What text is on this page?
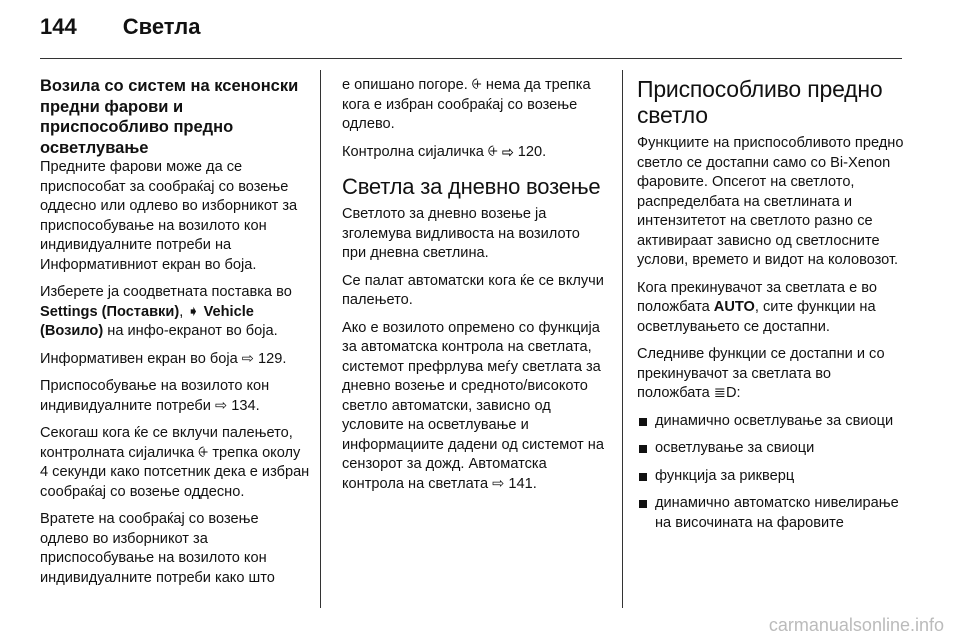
144 Светла
Возила со систем на ксенонски предни фарови и приспособливо предно осветлување

Предните фарови може да се приспособат за сообраќај со возење оддесно или одлево во изборникот за приспособување на возилото кон индивидуалните потреби на Информативниот екран во боја.

Изберете ја соодветната поставка во Settings (Поставки), ➧ Vehicle (Возило) на инфо-екранот во боја.

Информативен екран во боја ⇨ 129.

Приспособување на возилото кон индивидуалните потреби ⇨ 134.

Секогаш кога ќе се вклучи палењето, контролната сијаличка ⨭ трепка околу 4 секунди како потсетник дека е избран сообраќај со возење оддесно.

Вратете на сообраќај со возење одлево во изборникот за приспособување на возилото кон индивидуалните потреби како што

е опишано погоре. ⨭ нема да трепка кога е избран сообраќај со возење одлево.

Контролна сијаличка ⨭ ⇨ 120.

Светла за дневно возење

Светлото за дневно возење ја зголемува видливоста на возилото при дневна светлина.

Се палат автоматски кога ќе се вклучи палењето.

Ако е возилото опремено со функција за автоматска контрола на светлата, системот префрлува меѓу светлата за дневно возење и средното/високото светло автоматски, зависно од условите на осветлување и информациите дадени од системот на сензорот за дожд. Автоматска контрола на светлата ⇨ 141.

Приспособливо предно светло

Функциите на приспособливото предно светло се достапни само со Bi-Xenon фаровите. Опсегот на светлото, распределбата на светлината и интензитетот на светлото разно се активираат зависно од светлосните услови, времето и видот на коловозот.

Кога прекинувачот за светлата е во положбата AUTO, сите функции на осветлувањето се достапни.

Следниве функции се достапни и со прекинувачот за светлата во положбата ≣D:

динамично осветлување за свиоци
осветлување за свиоци
функција за рикверц
динамично автоматско нивелирање на височината на фаровите
carmanualsonline.info
